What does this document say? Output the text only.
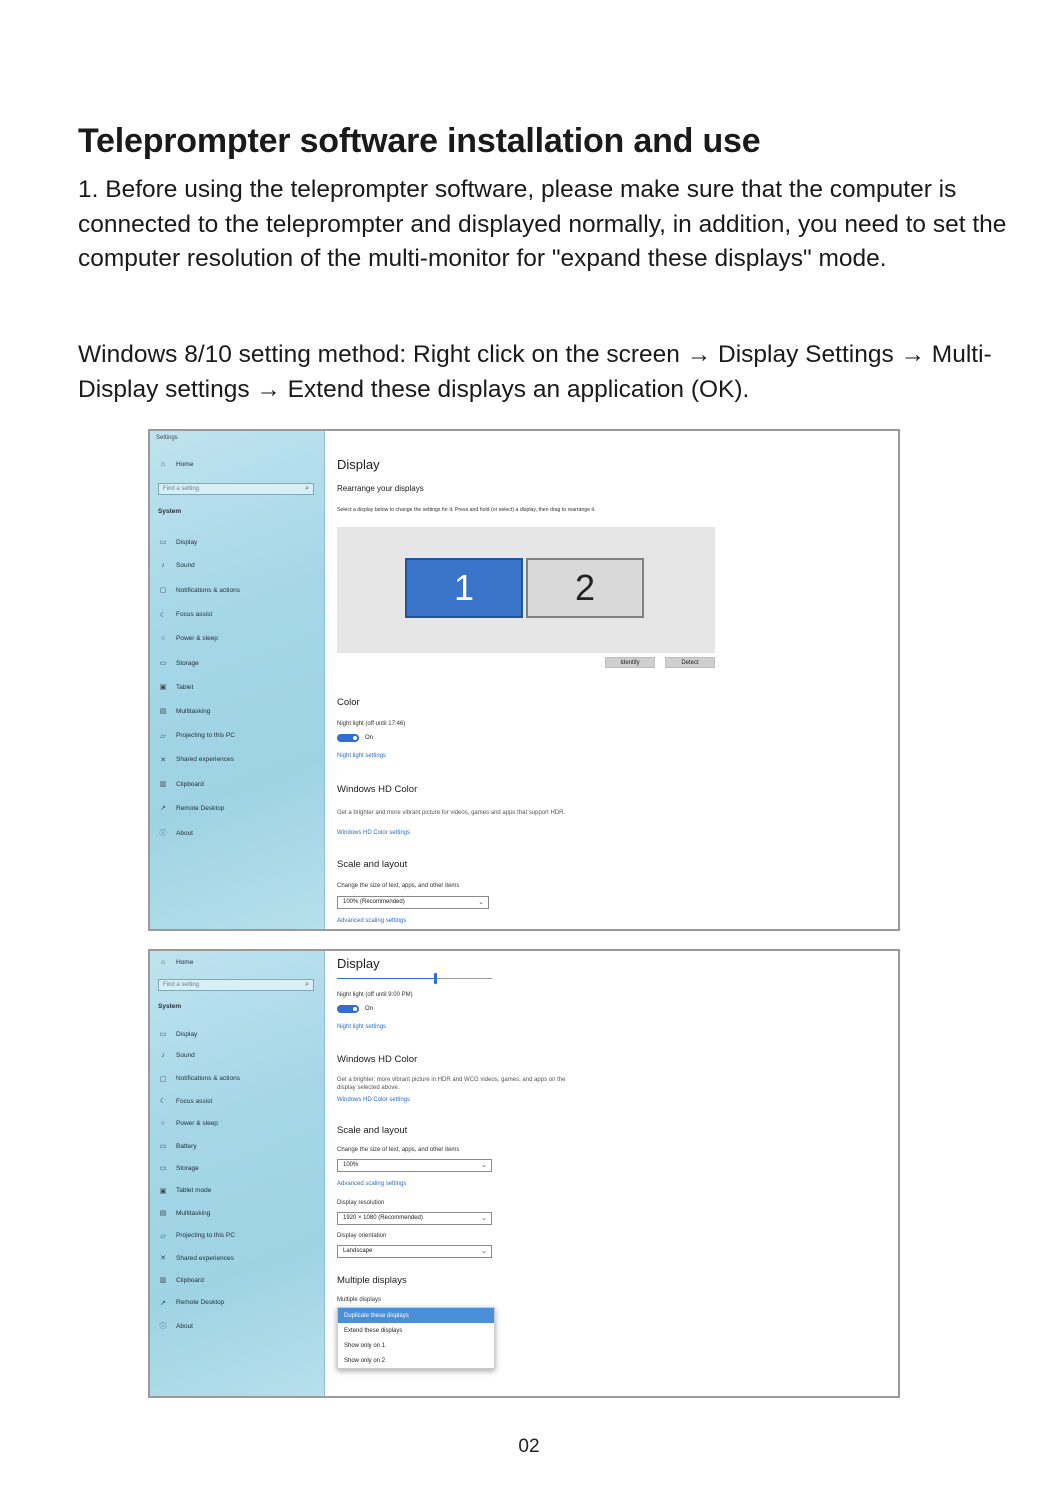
Teleprompter software installation and use

1. Before using the teleprompter software, please make sure that the computer is connected to the teleprompter and displayed normally, in addition, you need to set the computer resolution of the multi-monitor for "expand these displays" mode.

Windows 8/10 setting method: Right click on the screen → Display Settings → Multi-Display settings → Extend these displays an application (OK).

Settings
⌂	Home
Find a setting	⌕
System
▭ Display
♪	Sound
▢ Notifications & actions
☾ Focus assist
○	Power & sleep
▭ Storage
▣ Tablet
▤ Multitasking
▱	Projecting to this PC
✕	Shared experiences
▥ Clipboard
↗	Remote Desktop
ⓘ About
Display
Rearrange your displays
Select a display below to change the settings for it. Press and hold (or select) a display, then drag to rearrange it.
1	2
Identify	Detect
Color
Night light (off until 17:46)
On
Night light settings
Windows HD Color
Get a brighter and more vibrant picture for videos, games and apps that support HDR.
Windows HD Color settings
Scale and layout
Change the size of text, apps, and other items
100% (Recommended)	⌄
Advanced scaling settings
⌂	Home
Find a setting	⌕
System
▭ Display
♪	Sound
▢ Notifications & actions
☾ Focus assist
○	Power & sleep
▭ Battery
▭ Storage
▣ Tablet mode
▤ Multitasking
▱	Projecting to this PC
✕	Shared experiences
▥ Clipboard
↗	Remote Desktop
ⓘ About
Display
Night light (off until 9:00 PM)
On
Night light settings
Windows HD Color
Get a brighter, more vibrant picture in HDR and WCG videos, games, and apps on the display selected above.
Windows HD Color settings
Scale and layout
Change the size of text, apps, and other items
100%	⌄
Advanced scaling settings
Display resolution
1920 × 1080 (Recommended)	⌄
Display orientation
Landscape	⌄
Multiple displays
Multiple displays
Duplicate these displays
Extend these displays
Show only on 1
Show only on 2
02
